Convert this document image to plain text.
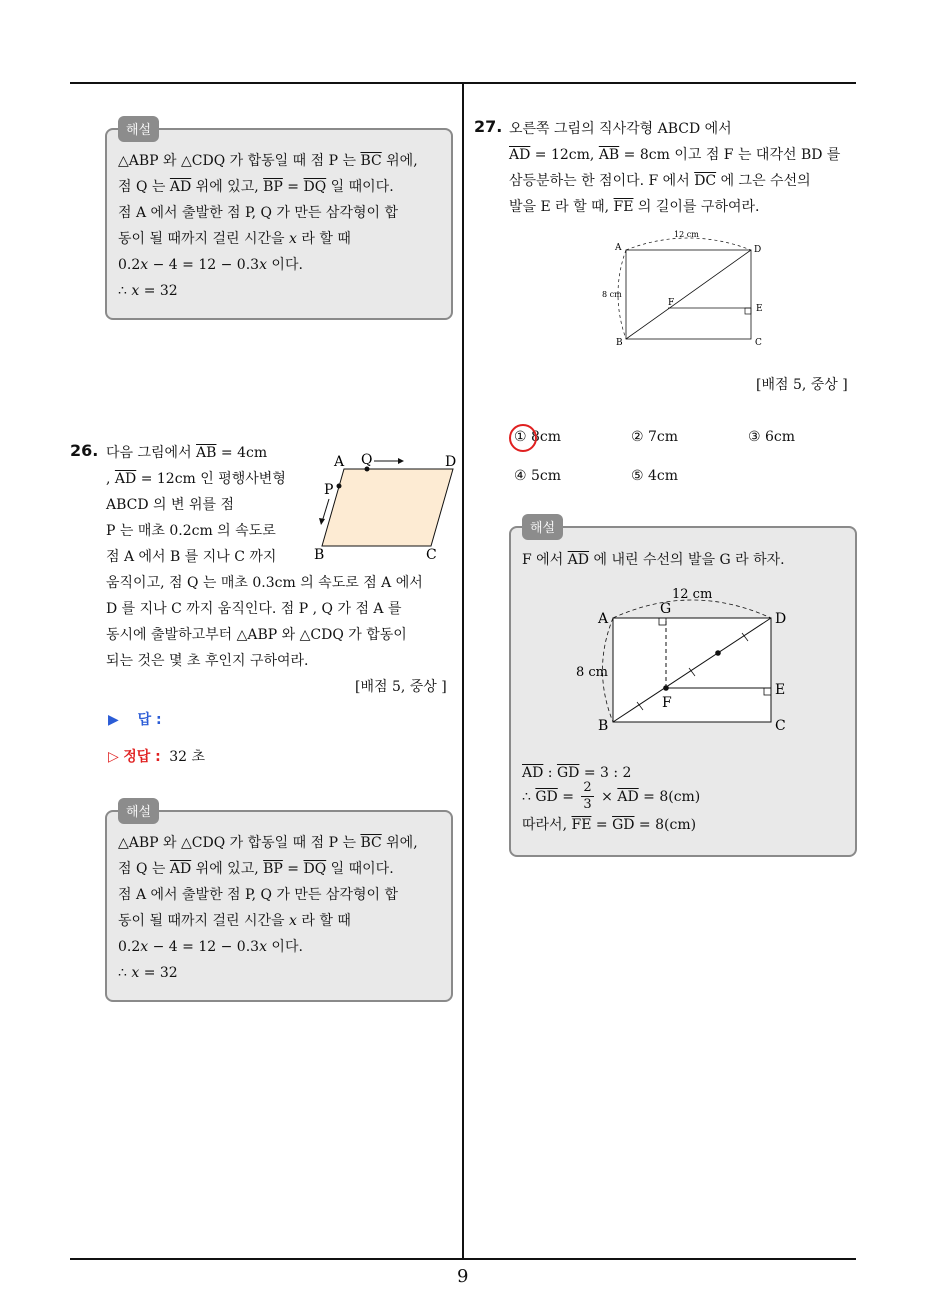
9
해설
△ABP 와 △CDQ 가 합동일 때 점 P 는 $\overline{BC}$ 위에,
점 Q 는 $\overline{AD}$ 위에 있고, $\overline{BP} = \overline{DQ}$ 일 때이다.
점 A 에서 출발한 점 P, Q 가 만든 삼각형이 합
동이 될 때까지 걸린 시간을 x 라 할 때
0.2x − 4 = 12 − 0.3x 이다.
∴ x = 32
26. 다음 그림에서 $\overline{AB} = 4cm$
, $\overline{AD} = 12cm$ 인 평행사변형
ABCD 의 변 위를 점
P 는 매초 0.2cm 의 속도로
점 A 에서 B 를 지나 C 까지
움직이고, 점 Q 는 매초 0.3cm 의 속도로 점 A 에서
D 를 지나 C 까지 움직인다. 점 P , Q 가 점 A 를
동시에 출발하고부터 △ABP 와 △CDQ 가 합동이
되는 것은 몇 초 후인지 구하여라.
[배점 5, 중상 ]
A Q	D
P
B	C
▶ 답 :
▷ 정답 : 32 초
해설
△ABP 와 △CDQ 가 합동일 때 점 P 는 $\overline{BC}$ 위에,
점 Q 는 $\overline{AD}$ 위에 있고, $\overline{BP} = \overline{DQ}$ 일 때이다.
점 A 에서 출발한 점 P, Q 가 만든 삼각형이 합
동이 될 때까지 걸린 시간을 x 라 할 때
0.2x − 4 = 12 − 0.3x 이다.
∴ x = 32
27. 오른쪽 그림의 직사각형 ABCD 에서
$\overline{AD} = 12cm$, $\overline{AB} = 8cm$ 이고 점 F 는 대각선 BD 를
삼등분하는 한 점이다. F 에서 $\overline{DC}$ 에 그은 수선의
발을 E 라 할 때, $\overline{FE}$ 의 길이를 구하여라.
A	D
B	C
E
F
12 cm
8 cm
[배점 5, 중상 ]
① 8cm	② 7cm	③ 6cm
④ 5cm	⑤ 4cm
해설
F 에서 $\overline{AD}$ 에 내린 수선의 발을 G 라 하자.
A
G
D
B	C
E
F
12 cm
8 cm
$\overline{AD}$ : $\overline{GD} = 3$ : 2
∴ $\overline{GD} = \frac{2}{3} \times \overline{AD} = 8(cm)$
따라서, $\overline{FE} = \overline{GD} = 8(cm)$
